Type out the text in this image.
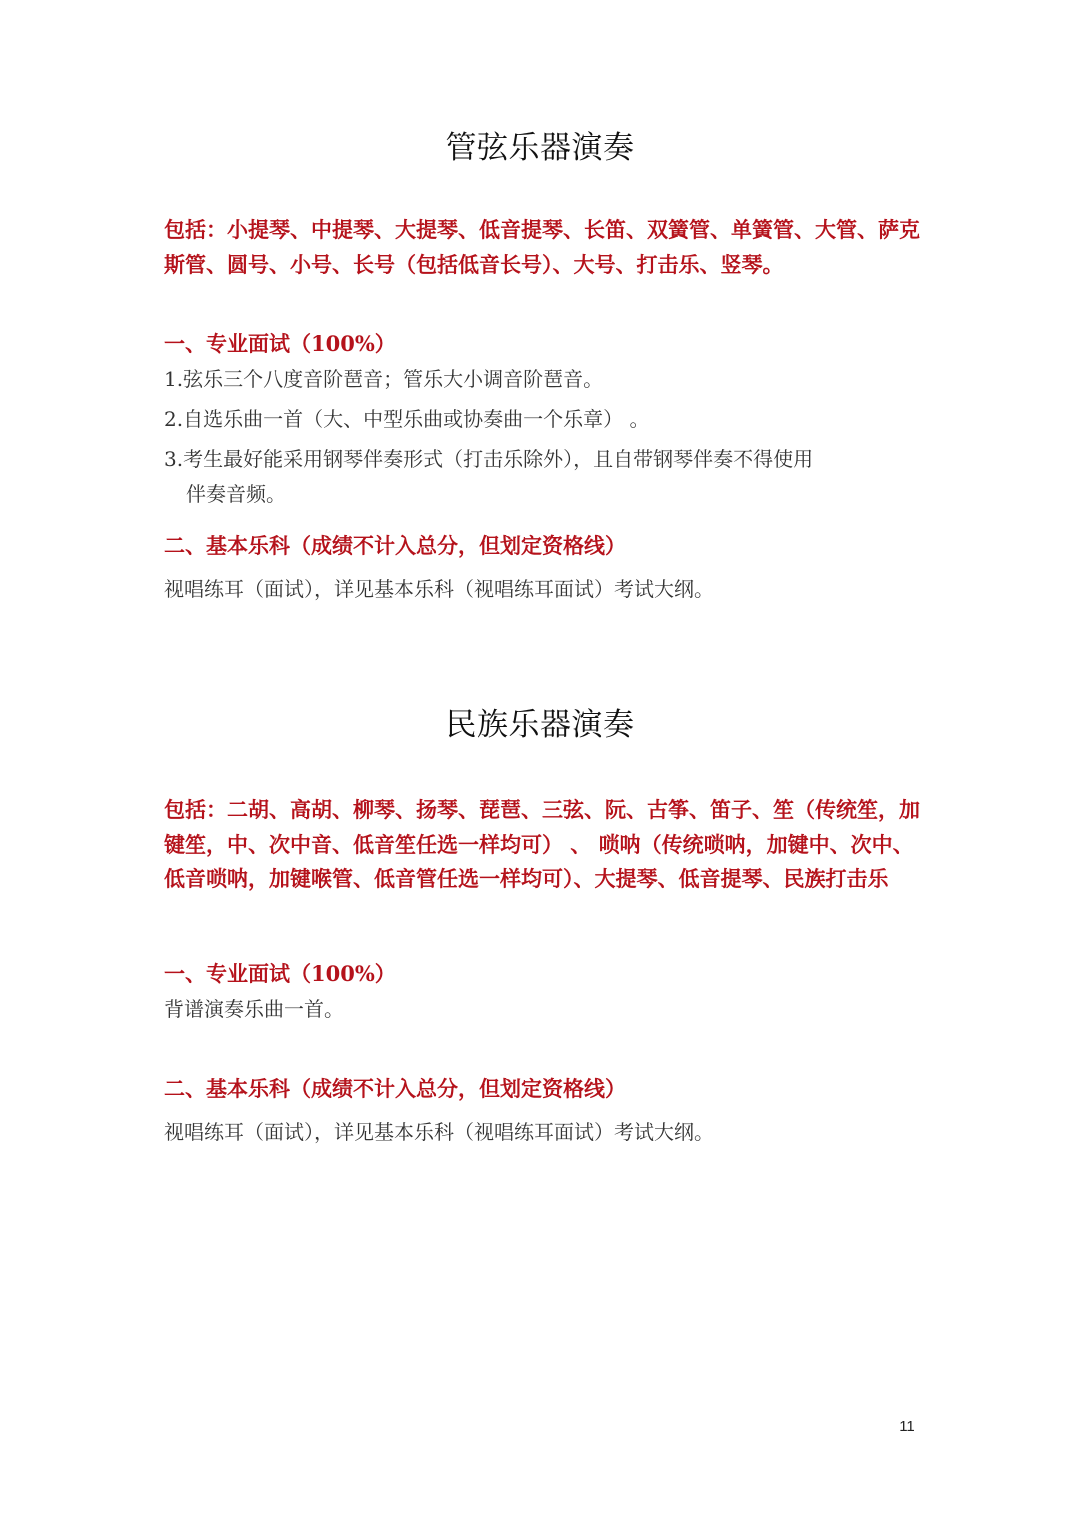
管弦乐器演奏
包括：小提琴、中提琴、大提琴、低音提琴、长笛、双簧管、单簧管、大管、萨克
斯管、圆号、小号、长号（包括低音长号）、大号、打击乐、竖琴。
一、专业面试（100%）
1.弦乐三个八度音阶琶音；管乐大小调音阶琶音。
2.自选乐曲一首（大、中型乐曲或协奏曲一个乐章） 。
3.考生最好能采用钢琴伴奏形式（打击乐除外），且自带钢琴伴奏不得使用
伴奏音频。
二、基本乐科（成绩不计入总分，但划定资格线）
视唱练耳（面试），详见基本乐科（视唱练耳面试）考试大纲。
民族乐器演奏
包括：二胡、高胡、柳琴、扬琴、琵琶、三弦、阮、古筝、笛子、笙（传统笙，加
键笙，中、次中音、低音笙任选一样均可） 、 唢呐（传统唢呐，加键中、次中、
低音唢呐，加键喉管、低音管任选一样均可）、大提琴、低音提琴、民族打击乐
一、专业面试（100%）
背谱演奏乐曲一首。
二、基本乐科（成绩不计入总分，但划定资格线）
视唱练耳（面试），详见基本乐科（视唱练耳面试）考试大纲。
11
